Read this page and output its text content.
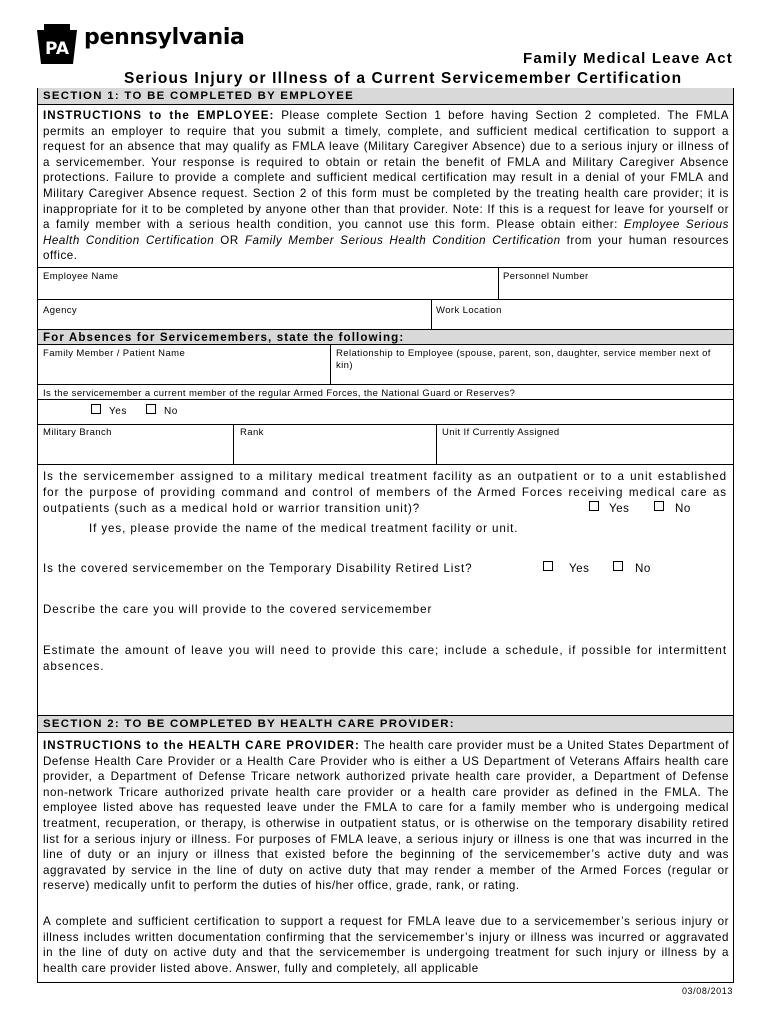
PA pennsylvania
Family Medical Leave Act
Serious Injury or Illness of a Current Servicemember Certification
SECTION 1: TO BE COMPLETED BY EMPLOYEE
INSTRUCTIONS to the EMPLOYEE: Please complete Section 1 before having Section 2 completed. The FMLA permits an employer to require that you submit a timely, complete, and sufficient medical certification to support a request for an absence that may qualify as FMLA leave (Military Caregiver Absence) due to a serious injury or illness of a servicemember. Your response is required to obtain or retain the benefit of FMLA and Military Caregiver Absence protections. Failure to provide a complete and sufficient medical certification may result in a denial of your FMLA and Military Caregiver Absence request. Section 2 of this form must be completed by the treating health care provider; it is inappropriate for it to be completed by anyone other than that provider. Note: If this is a request for leave for yourself or a family member with a serious health condition, you cannot use this form. Please obtain either: Employee Serious Health Condition Certification OR Family Member Serious Health Condition Certification from your human resources office.
Employee Name	Personnel Number
Agency	Work Location
For Absences for Servicemembers, state the following:
Family Member / Patient Name	Relationship to Employee (spouse, parent, son, daughter, service member next of kin)
Is the servicemember a current member of the regular Armed Forces, the National Guard or Reserves?
Yes	No
Military Branch	Rank	Unit If Currently Assigned
Is the servicemember assigned to a military medical treatment facility as an outpatient or to a unit established for the purpose of providing command and control of members of the Armed Forces receiving medical care as outpatients (such as a medical hold or warrior transition unit)?	Yes	No
If yes, please provide the name of the medical treatment facility or unit.
Is the covered servicemember on the Temporary Disability Retired List?	Yes	No
Describe the care you will provide to the covered servicemember
Estimate the amount of leave you will need to provide this care; include a schedule, if possible for intermittent absences.
SECTION 2: TO BE COMPLETED BY HEALTH CARE PROVIDER:
INSTRUCTIONS to the HEALTH CARE PROVIDER: The health care provider must be a United States Department of Defense Health Care Provider or a Health Care Provider who is either a US Department of Veterans Affairs health care provider, a Department of Defense Tricare network authorized private health care provider, a Department of Defense non-network Tricare authorized private health care provider or a health care provider as defined in the FMLA. The employee listed above has requested leave under the FMLA to care for a family member who is undergoing medical treatment, recuperation, or therapy, is otherwise in outpatient status, or is otherwise on the temporary disability retired list for a serious injury or illness. For purposes of FMLA leave, a serious injury or illness is one that was incurred in the line of duty or an injury or illness that existed before the beginning of the servicemember’s active duty and was aggravated by service in the line of duty on active duty that may render a member of the Armed Forces (regular or reserve) medically unfit to perform the duties of his/her office, grade, rank, or rating.
A complete and sufficient certification to support a request for FMLA leave due to a servicemember’s serious injury or illness includes written documentation confirming that the servicemember’s injury or illness was incurred or aggravated in the line of duty on active duty and that the servicemember is undergoing treatment for such injury or illness by a health care provider listed above. Answer, fully and completely, all applicable
03/08/2013
